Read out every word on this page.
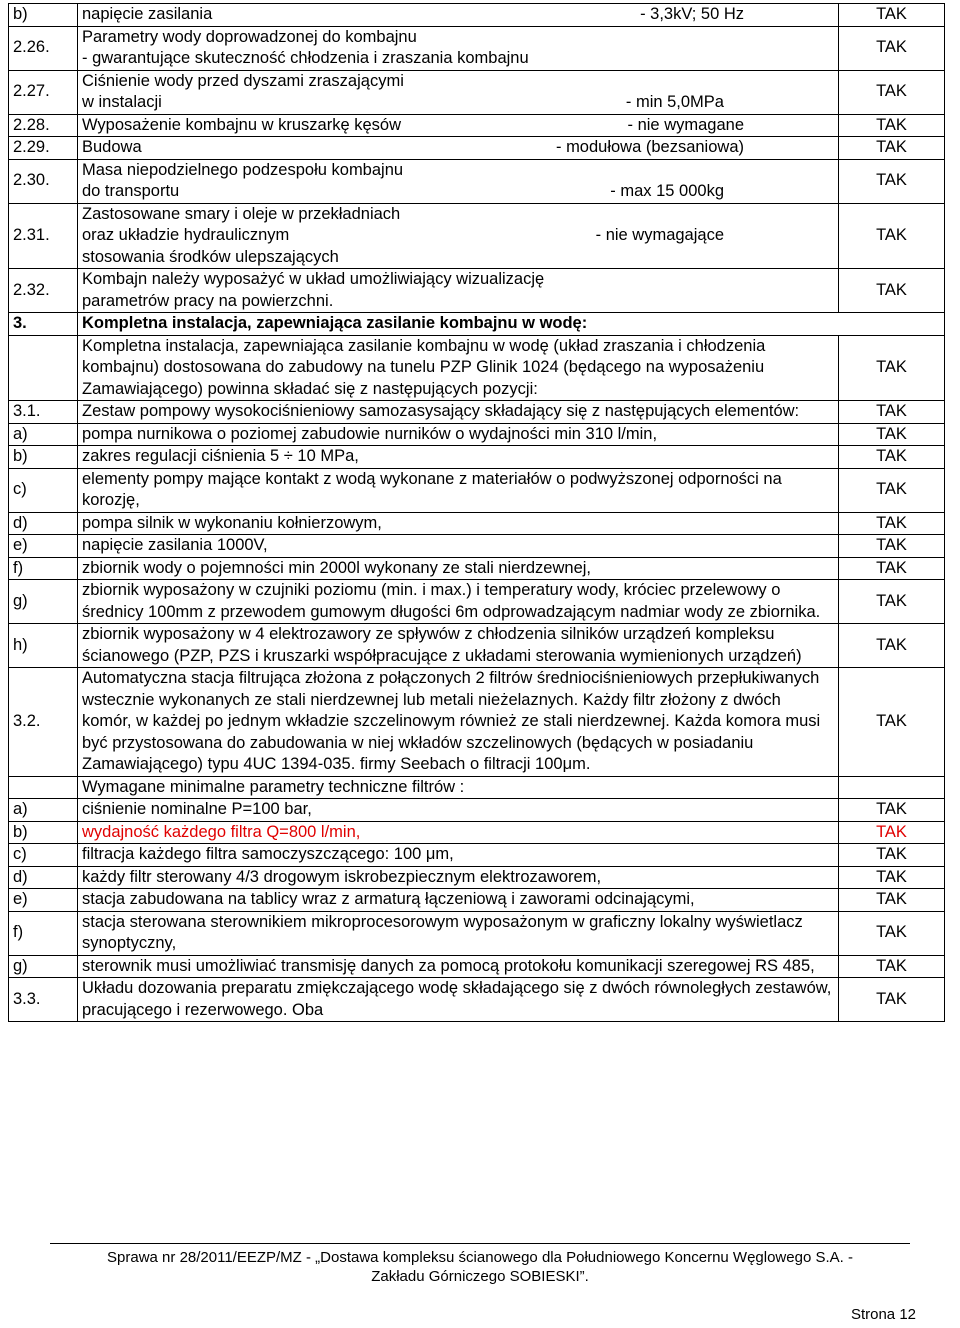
b)	napięcie zasilania - 3,3kV; 50 Hz	TAK
2.26.	Parametry wody doprowadzonej do kombajnu
- gwarantujące skuteczność chłodzenia i zraszania kombajnu	TAK
2.27.	Ciśnienie wody przed dyszami zraszającymi
w instalacji - min 5,0MPa	TAK
2.28.	Wyposażenie kombajnu w kruszarkę kęsów - nie wymagane	TAK
2.29.	Budowa - modułowa (bezsaniowa)	TAK
2.30.	Masa niepodzielnego podzespołu kombajnu
do transportu - max 15 000kg	TAK
2.31.	Zastosowane smary i oleje w przekładniach
oraz układzie hydraulicznym - nie wymagające
stosowania środków ulepszających	TAK
2.32.	Kombajn należy wyposażyć w układ umożliwiający wizualizację
parametrów pracy na powierzchni.	TAK
3.	Kompletna instalacja, zapewniająca zasilanie kombajnu w wodę:	

	Kompletna instalacja, zapewniająca zasilanie kombajnu w wodę (układ zraszania i chłodzenia kombajnu) dostosowana do zabudowy na tunelu PZP Glinik 1024 (będącego na wyposażeniu Zamawiającego) powinna składać się z następujących pozycji:	TAK
3.1.	Zestaw pompowy wysokociśnieniowy samozasysający składający się z następujących elementów:	TAK
a)	pompa nurnikowa o poziomej zabudowie nurników o wydajności min 310 l/min,	TAK
b)	zakres regulacji ciśnienia 5 ÷ 10 MPa,	TAK
c)	elementy pompy mające kontakt z wodą wykonane z materiałów o podwyższonej odporności na korozję,	TAK
d)	pompa silnik w wykonaniu kołnierzowym,	TAK
e)	napięcie zasilania 1000V,	TAK
f)	zbiornik wody o pojemności min 2000l wykonany ze stali nierdzewnej,	TAK
g)	zbiornik wyposażony w czujniki poziomu (min. i max.) i temperatury wody, króciec przelewowy o średnicy 100mm z przewodem gumowym długości 6m odprowadzającym nadmiar wody ze zbiornika.	TAK
h)	zbiornik wyposażony w 4 elektrozawory ze spływów z chłodzenia silników urządzeń kompleksu ścianowego (PZP, PZS i kruszarki współpracujące z układami sterowania wymienionych urządzeń)	TAK
3.2.	Automatyczna stacja filtrująca złożona z połączonych 2 filtrów średniociśnieniowych przepłukiwanych wstecznie wykonanych ze stali nierdzewnej lub metali nieżelaznych. Każdy filtr złożony z dwóch komór, w każdej po jednym wkładzie szczelinowym również ze stali nierdzewnej. Każda komora musi być przystosowana do zabudowania w niej wkładów szczelinowych (będących w posiadaniu Zamawiającego) typu 4UC 1394-035. firmy Seebach o filtracji 100μm.	TAK

	Wymagane minimalne parametry techniczne filtrów :	

a)	ciśnienie nominalne P=100 bar,	TAK
b)	wydajność każdego filtra Q=800 l/min,	TAK
c)	filtracja każdego filtra samoczyszczącego: 100 μm,	TAK
d)	każdy filtr sterowany 4/3 drogowym iskrobezpiecznym elektrozaworem,	TAK
e)	stacja zabudowana na tablicy wraz z armaturą łączeniową i zaworami odcinającymi,	TAK
f)	stacja sterowana sterownikiem mikroprocesorowym wyposażonym w graficzny lokalny wyświetlacz synoptyczny,	TAK
g)	sterownik musi umożliwiać transmisję danych za pomocą protokołu komunikacji szeregowej RS 485,	TAK
3.3.	Układu dozowania preparatu zmiękczającego wodę składającego się z dwóch równoległych zestawów, pracującego i rezerwowego. Oba	TAK
Sprawa nr 28/2011/EEZP/MZ - „Dostawa kompleksu ścianowego dla Południowego Koncernu Węglowego S.A. -
Zakładu Górniczego SOBIESKI”.
Strona 12
